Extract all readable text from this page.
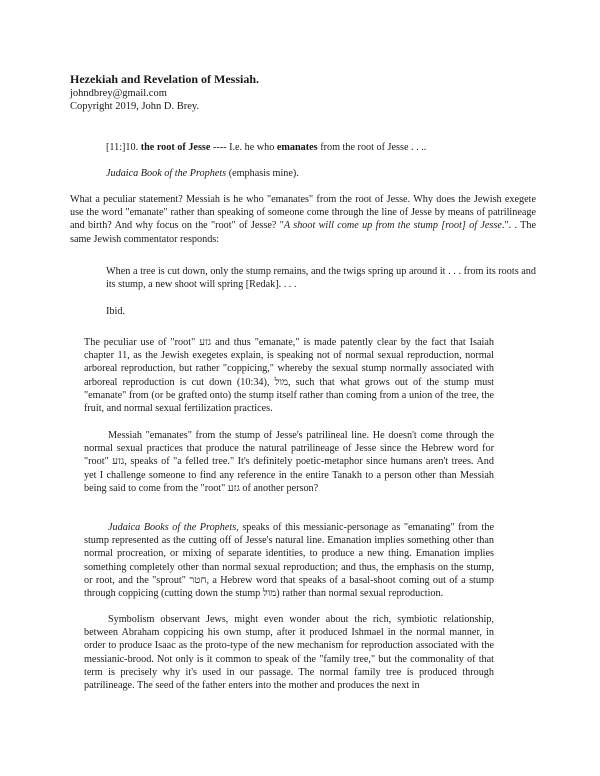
Hezekiah and Revelation of Messiah.
johndbrey@gmail.com
Copyright 2019, John D. Brey.

[11:]10. the root of Jesse ---- I.e. he who emanates from the root of Jesse . . ..

Judaica Book of the Prophets (emphasis mine).

What a peculiar statement? Messiah is he who "emanates" from the root of Jesse. Why does the Jewish exegete use the word "emanate" rather than speaking of someone come through the line of Jesse by means of patrilineage and birth? And why focus on the "root" of Jesse? "A shoot will come up from the stump [root] of Jesse.". . The same Jewish commentator responds:

When a tree is cut down, only the stump remains, and the twigs spring up around it . . . from its roots and its stump, a new shoot will spring [Redak]. . . .

Ibid.

The peculiar use of "root" גזע and thus "emanate," is made patently clear by the fact that Isaiah chapter 11, as the Jewish exegetes explain, is speaking not of normal sexual reproduction, normal arboreal reproduction, but rather "coppicing," whereby the sexual stump normally associated with arboreal reproduction is cut down (10:34), מול, such that what grows out of the stump must "emanate" from (or be grafted onto) the stump itself rather than coming from a union of the tree, the fruit, and normal sexual fertilization practices.

Messiah "emanates" from the stump of Jesse's patrilineal line. He doesn't come through the normal sexual practices that produce the natural patrilineage of Jesse since the Hebrew word for "root" גזע, speaks of "a felled tree." It's definitely poetic-metaphor since humans aren't trees. And yet I challenge someone to find any reference in the entire Tanakh to a person other than Messiah being said to come from the "root" גזע of another person?

Judaica Books of the Prophets, speaks of this messianic-personage as "emanating" from the stump represented as the cutting off of Jesse's natural line. Emanation implies something other than normal procreation, or mixing of separate identities, to produce a new thing. Emanation implies something completely other than normal sexual reproduction; and thus, the emphasis on the stump, or root, and the "sprout" חטר, a Hebrew word that speaks of a basal-shoot coming out of a stump through coppicing (cutting down the stump מול) rather than normal sexual reproduction.

Symbolism observant Jews, might even wonder about the rich, symbiotic relationship, between Abraham coppicing his own stump, after it produced Ishmael in the normal manner, in order to produce Isaac as the proto-type of the new mechanism for reproduction associated with the messianic-brood. Not only is it common to speak of the "family tree," but the commonality of that term is precisely why it's used in our passage. The normal family tree is produced through patrilineage. The seed of the father enters into the mother and produces the next in
